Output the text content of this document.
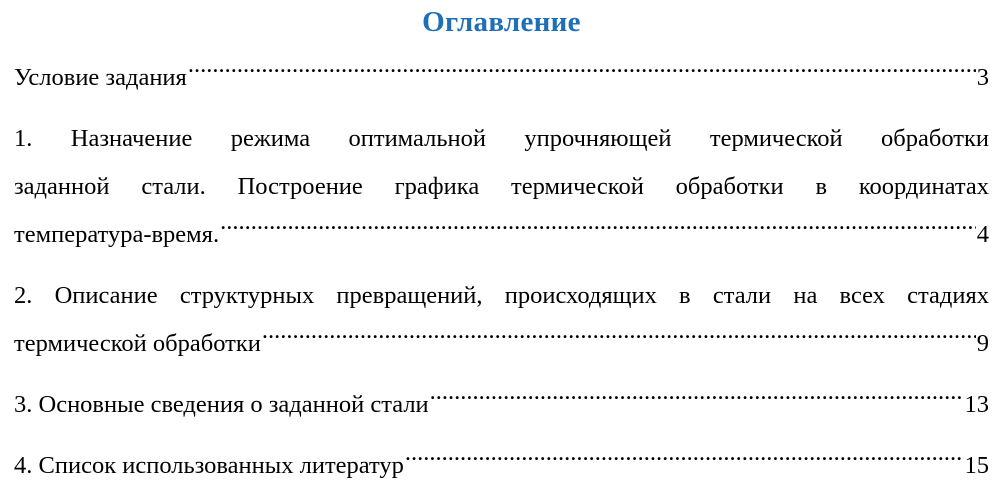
Оглавление
Условие задания .....	3
1. Назначение режима оптимальной упрочняющей термической обработки
заданной стали. Построение графика термической обработки в координатах
температура-время. .....	4
2. Описание структурных превращений, происходящих в стали на всех стадиях
термической обработки .....	9
3. Основные сведения о заданной стали .....	13
4. Список использованных литератур .....	15
